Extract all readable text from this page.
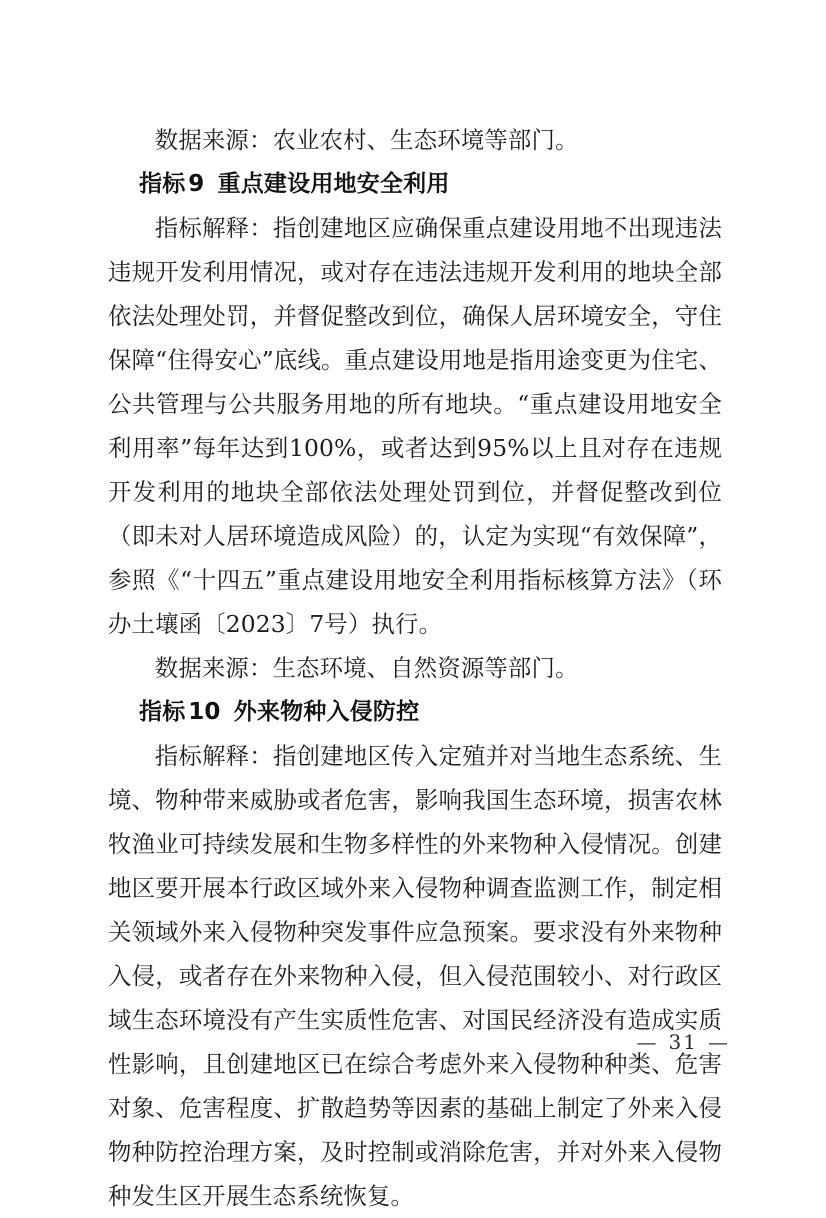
数据来源：农业农村、生态环境等部门。

指标 9 重点建设用地安全利用

指标解释：指创建地区应确保重点建设用地不出现违法违规开发利用情况，或对存在违法违规开发利用的地块全部依法处理处罚，并督促整改到位，确保人居环境安全，守住保障“住得安心”底线。重点建设用地是指用途变更为住宅、公共管理与公共服务用地的所有地块。“重点建设用地安全利用率”每年达到100%，或者达到95%以上且对存在违规开发利用的地块全部依法处理处罚到位，并督促整改到位（即未对人居环境造成风险）的，认定为实现“有效保障”，参照《“十四五”重点建设用地安全利用指标核算方法》（环办土壤函〔2023〕7号）执行。

数据来源：生态环境、自然资源等部门。

指标 10 外来物种入侵防控

指标解释：指创建地区传入定殖并对当地生态系统、生境、物种带来威胁或者危害，影响我国生态环境，损害农林牧渔业可持续发展和生物多样性的外来物种入侵情况。创建地区要开展本行政区域外来入侵物种调查监测工作，制定相关领域外来入侵物种突发事件应急预案。要求没有外来物种入侵，或者存在外来物种入侵，但入侵范围较小、对行政区域生态环境没有产生实质性危害、对国民经济没有造成实质性影响，且创建地区已在综合考虑外来入侵物种种类、危害对象、危害程度、扩散趋势等因素的基础上制定了外来入侵物种防控治理方案，及时控制或消除危害，并对外来入侵物种发生区开展生态系统恢复。

— 31 —
